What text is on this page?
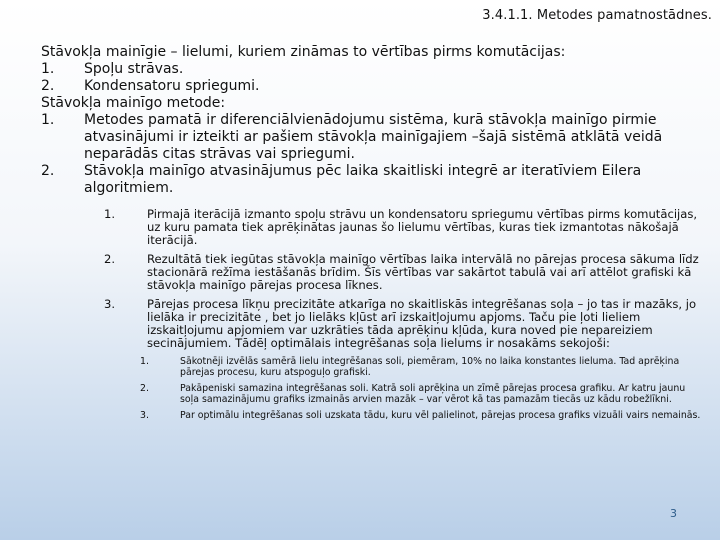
3.4.1.1. Metodes pamatnostādnes.
Stāvokļa mainīgie – lielumi, kuriem zināmas to vērtības pirms komutācijas:
1.	Spoļu strāvas.
2.	Kondensatoru spriegumi.
Stāvokļa mainīgo metode:
1.	Metodes pamatā ir diferenciālvienādojumu sistēma, kurā stāvokļa mainīgo pirmie atvasinājumi ir izteikti ar pašiem stāvokļa mainīgajiem –šajā sistēmā atklātā veidā neparādās citas strāvas vai spriegumi.
2.	Stāvokļa mainīgo atvasinājumus pēc laika skaitliski integrē ar iteratīviem Eilera algoritmiem.
1.	Pirmajā iterācijā izmanto spoļu strāvu un kondensatoru spriegumu vērtības pirms komutācijas, uz kuru pamata tiek aprēķinātas jaunas šo lielumu vērtības, kuras tiek izmantotas nākošajā iterācijā.
2.	Rezultātā tiek iegūtas stāvokļa mainīgo vērtības laika intervālā no pārejas procesa sākuma līdz stacionārā režīma iestāšanās brīdim. Šīs vērtības var sakārtot tabulā vai arī attēlot grafiski kā stāvokļa mainīgo pārejas procesa līknes.
3.	Pārejas procesa līkņu precizitāte atkarīga no skaitliskās integrēšanas soļa – jo tas ir mazāks, jo lielāka ir precizitāte , bet jo lielāks kļūst arī izskaitļojumu apjoms. Taču pie ļoti lieliem izskaitļojumu apjomiem var uzkrāties tāda aprēķinu kļūda, kura noved pie nepareiziem secinājumiem. Tādēļ optimālais integrēšanas soļa lielums ir nosakāms sekojoši:
1.	Sākotnēji izvēlās samērā lielu integrēšanas soli, piemēram, 10% no laika konstantes lieluma. Tad aprēķina pārejas procesu, kuru atspoguļo grafiski.
2.	Pakāpeniski samazina integrēšanas soli. Katrā soli aprēķina un zīmē pārejas procesa grafiku. Ar katru jaunu soļa samazinājumu grafiks izmainās arvien mazāk – var vērot kā tas pamazām tiecās uz kādu robežlīkni.
3.	Par optimālu integrēšanas soli uzskata tādu, kuru vēl palielinot, pārejas procesa grafiks vizuāli vairs nemainās.
3
